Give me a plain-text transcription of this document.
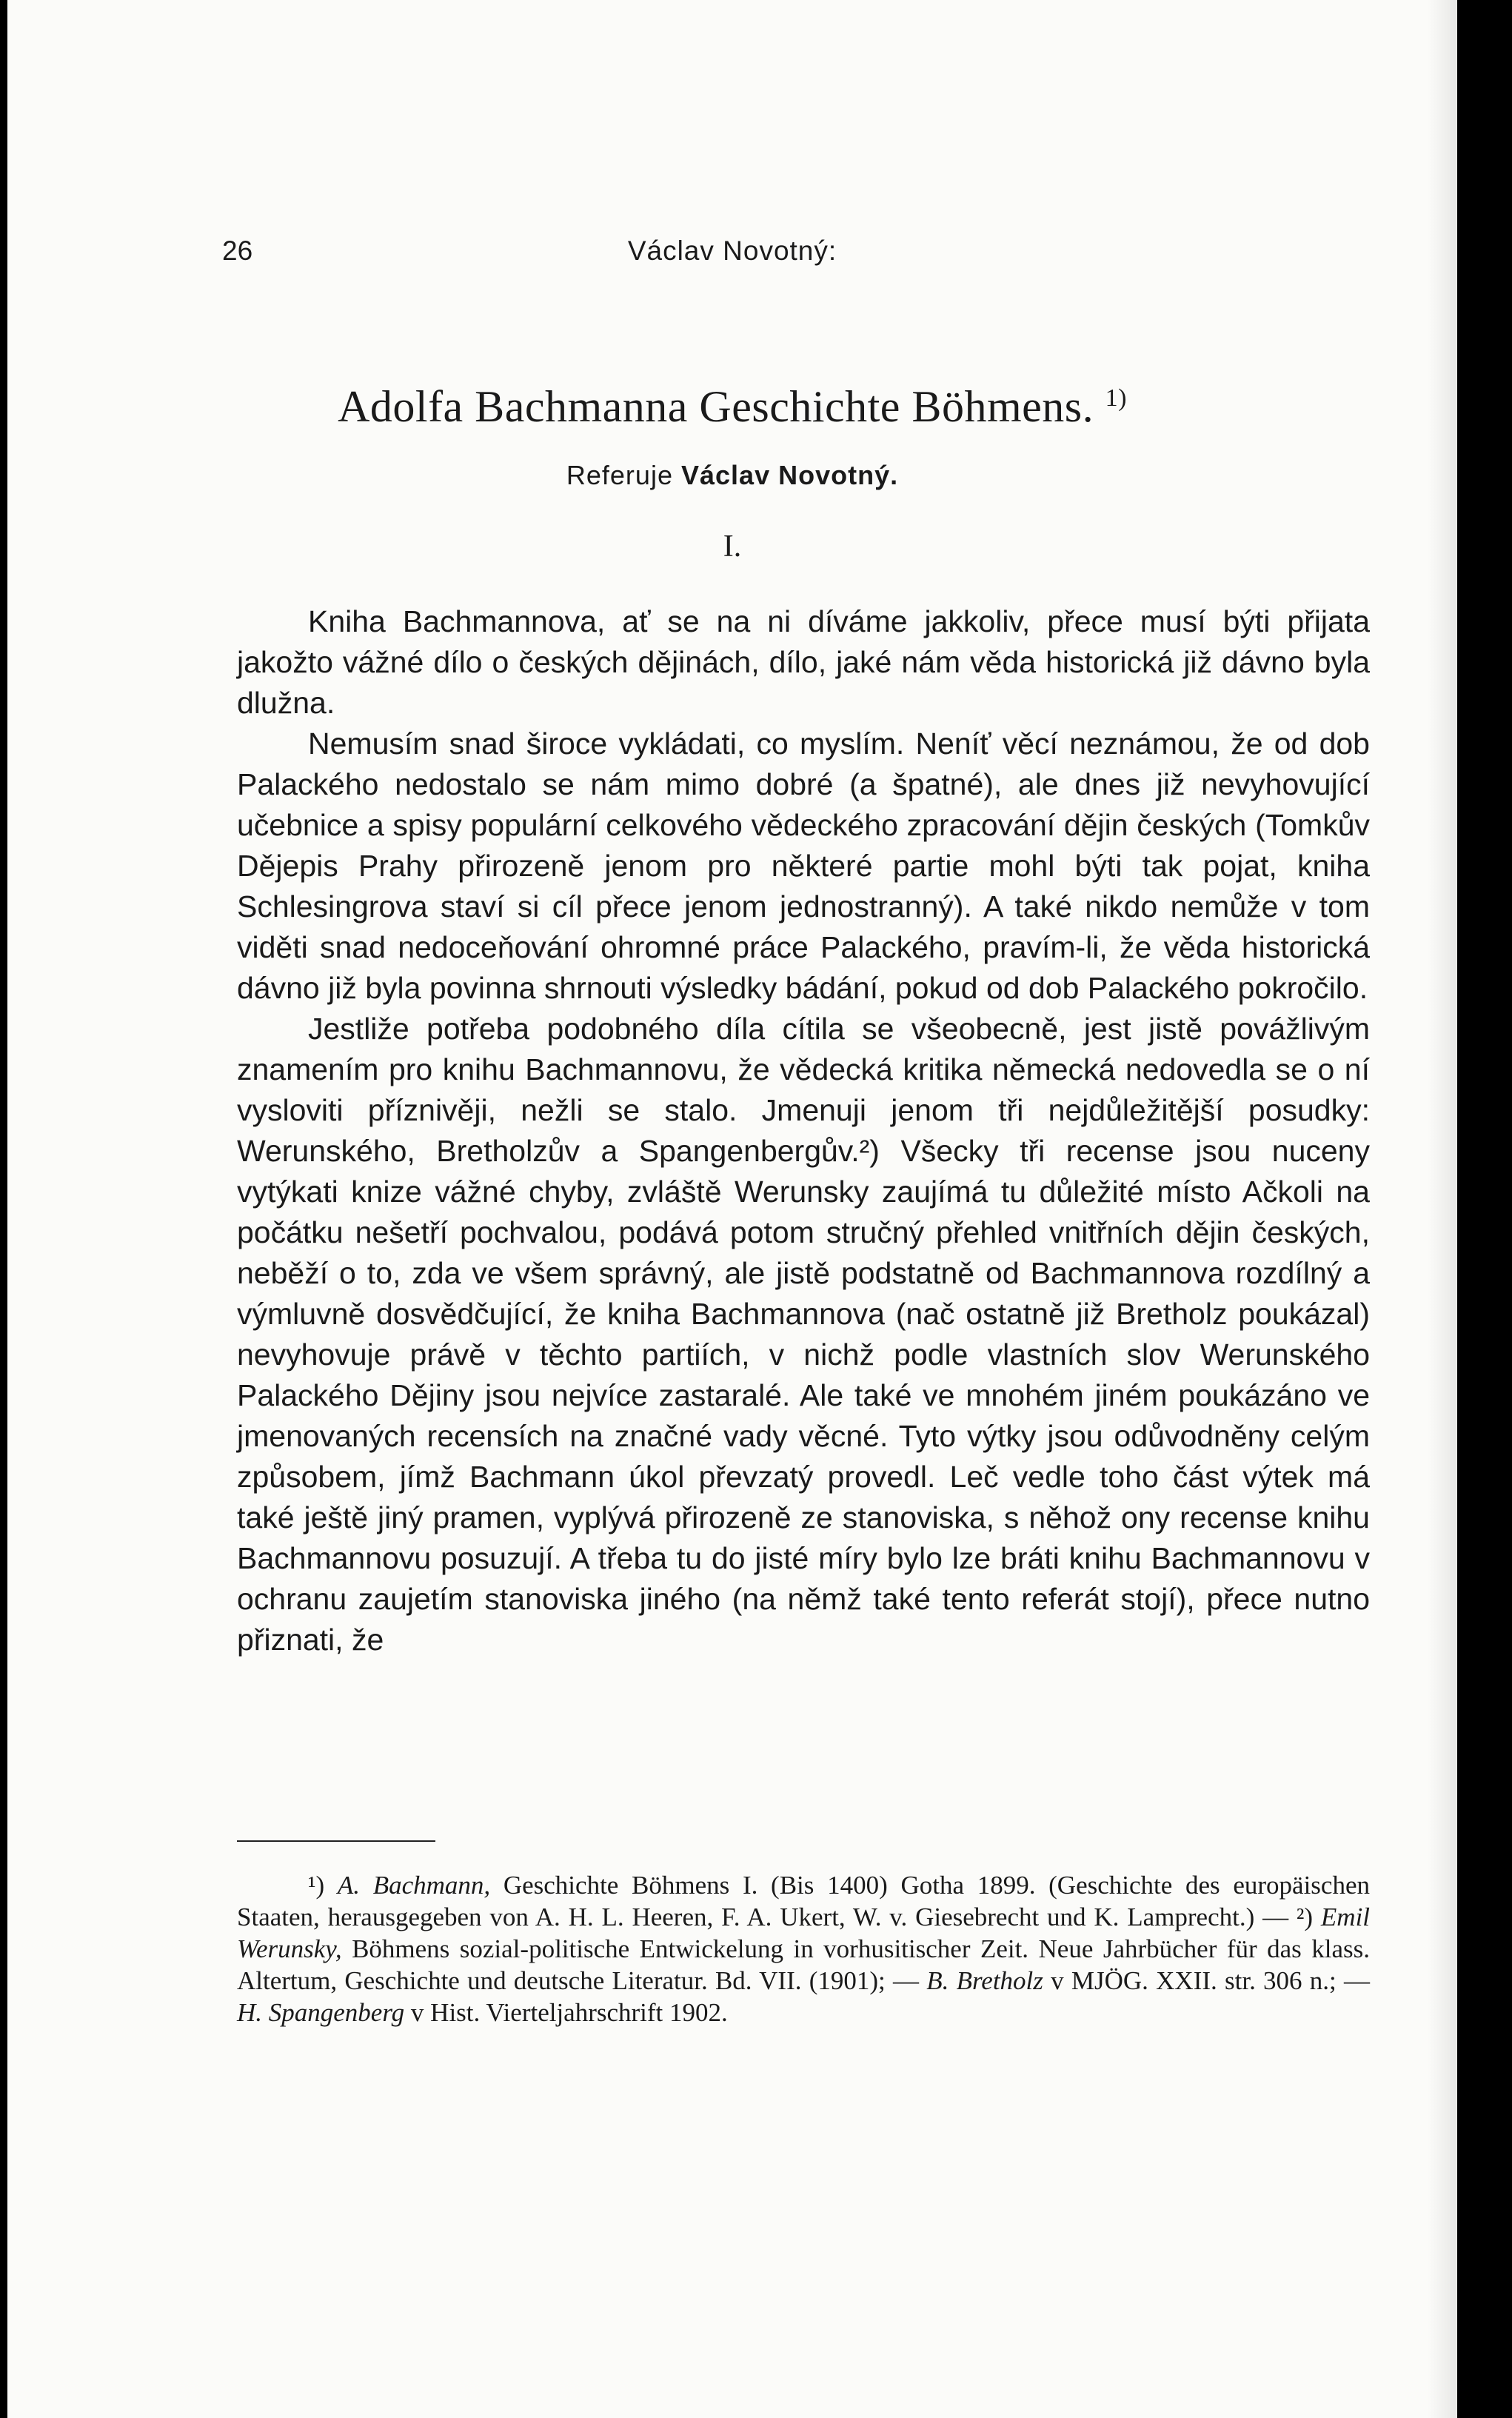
26	Václav Novotný:
Adolfa Bachmanna Geschichte Böhmens. $^{1)}$
Referuje Václav Novotný.
I.

Kniha Bachmannova, ať se na ni díváme jakkoliv, přece musí býti přijata jakožto vážné dílo o českých dějinách, dílo, jaké nám věda historická již dávno byla dlužna.

Nemusím snad široce vykládati, co myslím. Neníť věcí neznámou, že od dob Palackého nedostalo se nám mimo dobré (a špatné), ale dnes již nevyhovující učebnice a spisy populární celkového vědeckého zpracování dějin českých (Tomkův Dějepis Prahy přirozeně jenom pro některé partie mohl býti tak pojat, kniha Schlesingrova staví si cíl přece jenom jednostranný). A také nikdo nemůže v tom viděti snad nedoceňování ohromné práce Palackého, pravím-li, že věda historická dávno již byla povinna shrnouti výsledky bádání, pokud od dob Palackého pokročilo.

Jestliže potřeba podobného díla cítila se všeobecně, jest jistě povážlivým znamením pro knihu Bachmannovu, že vědecká kritika německá nedovedla se o ní vysloviti příznivěji, nežli se stalo. Jmenuji jenom tři nejdůležitější posudky: Werunského, Bretholzův a Spangenbergův.²) Všecky tři recense jsou nuceny vytýkati knize vážné chyby, zvláště Werunsky zaujímá tu důležité místo Ačkoli na počátku nešetří pochvalou, podává potom stručný přehled vnitřních dějin českých, neběží o to, zda ve všem správný, ale jistě podstatně od Bachmannova rozdílný a výmluvně dosvědčující, že kniha Bachmannova (nač ostatně již Bretholz poukázal) nevyhovuje právě v těchto partiích, v nichž podle vlastních slov Werunského Palackého Dějiny jsou nejvíce zastaralé. Ale také ve mnohém jiném poukázáno ve jmenovaných recensích na značné vady věcné. Tyto výtky jsou odůvodněny celým způsobem, jímž Bachmann úkol převzatý provedl. Leč vedle toho část výtek má také ještě jiný pramen, vyplývá přirozeně ze stanoviska, s něhož ony recense knihu Bachmannovu posuzují. A třeba tu do jisté míry bylo lze bráti knihu Bachmannovu v ochranu zaujetím stanoviska jiného (na němž také tento referát stojí), přece nutno přiznati, že

¹) A. Bachmann, Geschichte Böhmens I. (Bis 1400) Gotha 1899. (Geschichte des europäischen Staaten, herausgegeben von A. H. L. Heeren, F. A. Ukert, W. v. Giesebrecht und K. Lamprecht.) — ²) Emil Werunsky, Böhmens sozial-politische Entwickelung in vorhusitischer Zeit. Neue Jahrbücher für das klass. Altertum, Geschichte und deutsche Literatur. Bd. VII. (1901); — B. Bretholz v MJÖG. XXII. str. 306 n.; — H. Spangenberg v Hist. Vierteljahrschrift 1902.
